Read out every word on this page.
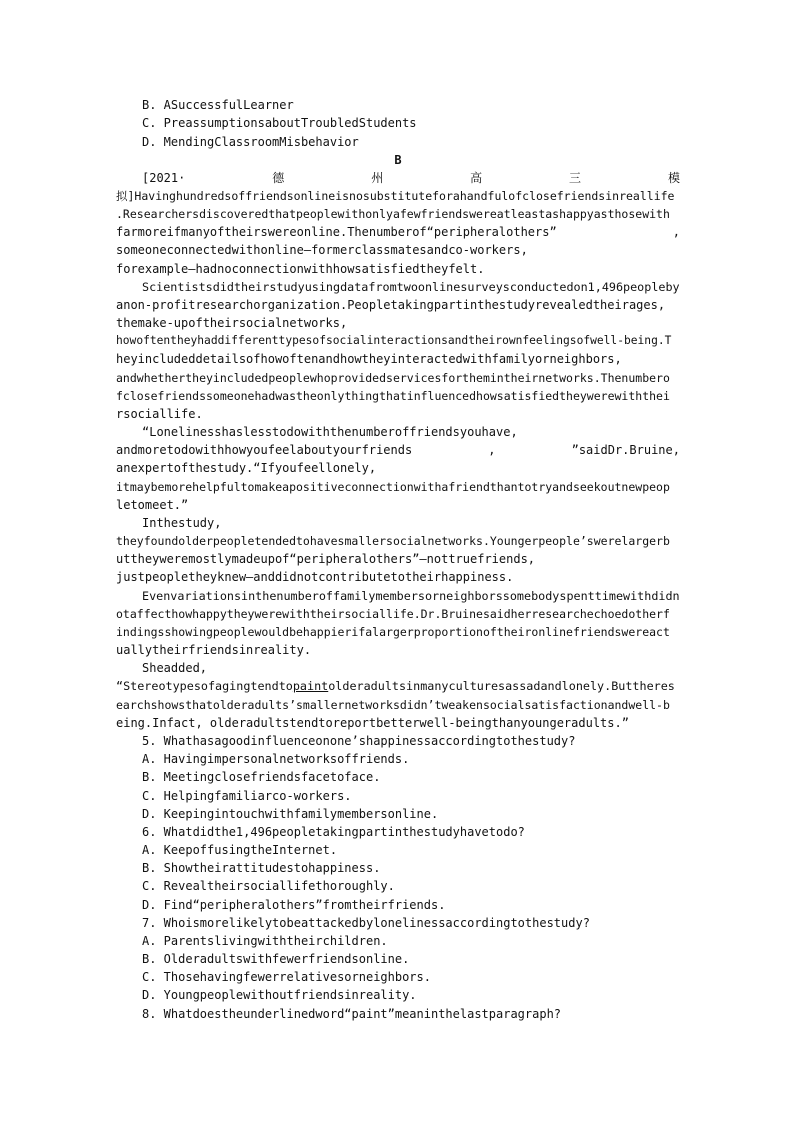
B. ASuccessfulLearner
C. PreassumptionsaboutTroubledStudents
D. MendingClassroomMisbehavior
B
[2021·	德	州	高	三	模
拟]Havinghundredsoffriendsonlineisnosubstituteforahandfulofclosefriendsinreallife
.Researchersdiscoveredthatpeoplewithonlyafewfriendswereatleastashappyasthosewith
farmoreifmanyoftheirswereonline.Thenumberof“peripheralothers”	,
someoneconnectedwithonline—formerclassmatesandco-workers,
forexample—hadnoconnectionwithhowsatisfiedtheyfelt.
Scientistsdidtheirstudyusingdatafromtwoonlinesurveysconductedon1,496peopleby
anon-profitresearchorganization.Peopletakingpartinthestudyrevealedtheirages,
themake-upoftheirsocialnetworks,
howoftentheyhaddifferenttypesofsocialinteractionsandtheirownfeelingsofwell-being.T
heyincludeddetailsofhowoftenandhowtheyinteractedwithfamilyorneighbors,
andwhethertheyincludedpeoplewhoprovidedservicesforthemintheirnetworks.Thenumbero
fclosefriendssomeonehadwastheonlythingthatinfluencedhowsatisfiedtheywerewiththei
rsociallife.
“Lonelinesshaslesstodowiththenumberoffriendsyouhave,
andmoretodowithhowyoufeelaboutyourfriends	,	”saidDr.Bruine,
anexpertofthestudy.“Ifyoufeellonely,
itmaybemorehelpfultomakeapositiveconnectionwithafriendthantotryandseekoutnewpeop
letomeet.”
Inthestudy,
theyfoundolderpeopletendedtohavesmallersocialnetworks.Youngerpeople’swerelargerb
uttheyweremostlymadeupof“peripheralothers”—nottruefriends,
justpeopletheyknew—anddidnotcontributetotheirhappiness.
Evenvariationsinthenumberoffamilymembersorneighborssomebodyspenttimewithdidn
otaffecthowhappytheywerewiththeirsociallife.Dr.Bruinesaidherresearchechoedotherf
indingsshowingpeoplewouldbehappierifalargerproportionoftheironlinefriendswereact
uallytheirfriendsinreality.
Sheadded,
“Stereotypesofagingtendtopaintolderadultsinmanyculturesassadandlonely.Buttheres
earchshowsthatolderadults’smallernetworksdidn’tweakensocialsatisfactionandwell-b
eing.Infact, olderadultstendtoreportbetterwell-beingthanyoungeradults.”
5. Whathasagoodinfluenceonone’shappinessaccordingtothestudy?
A. Havingimpersonalnetworksoffriends.
B. Meetingclosefriendsfacetoface.
C. Helpingfamiliarco-workers.
D. Keepingintouchwithfamilymembersonline.
6. Whatdidthe1,496peopletakingpartinthestudyhavetodo?
A. KeepoffusingtheInternet.
B. Showtheirattitudestohappiness.
C. Revealtheirsociallifethoroughly.
D. Find“peripheralothers”fromtheirfriends.
7. Whoismorelikelytobeattackedbylonelinessaccordingtothestudy?
A. Parentslivingwiththeirchildren.
B. Olderadultswithfewerfriendsonline.
C. Thosehavingfewerrelativesorneighbors.
D. Youngpeoplewithoutfriendsinreality.
8. Whatdoestheunderlinedword“paint”meaninthelastparagraph?
